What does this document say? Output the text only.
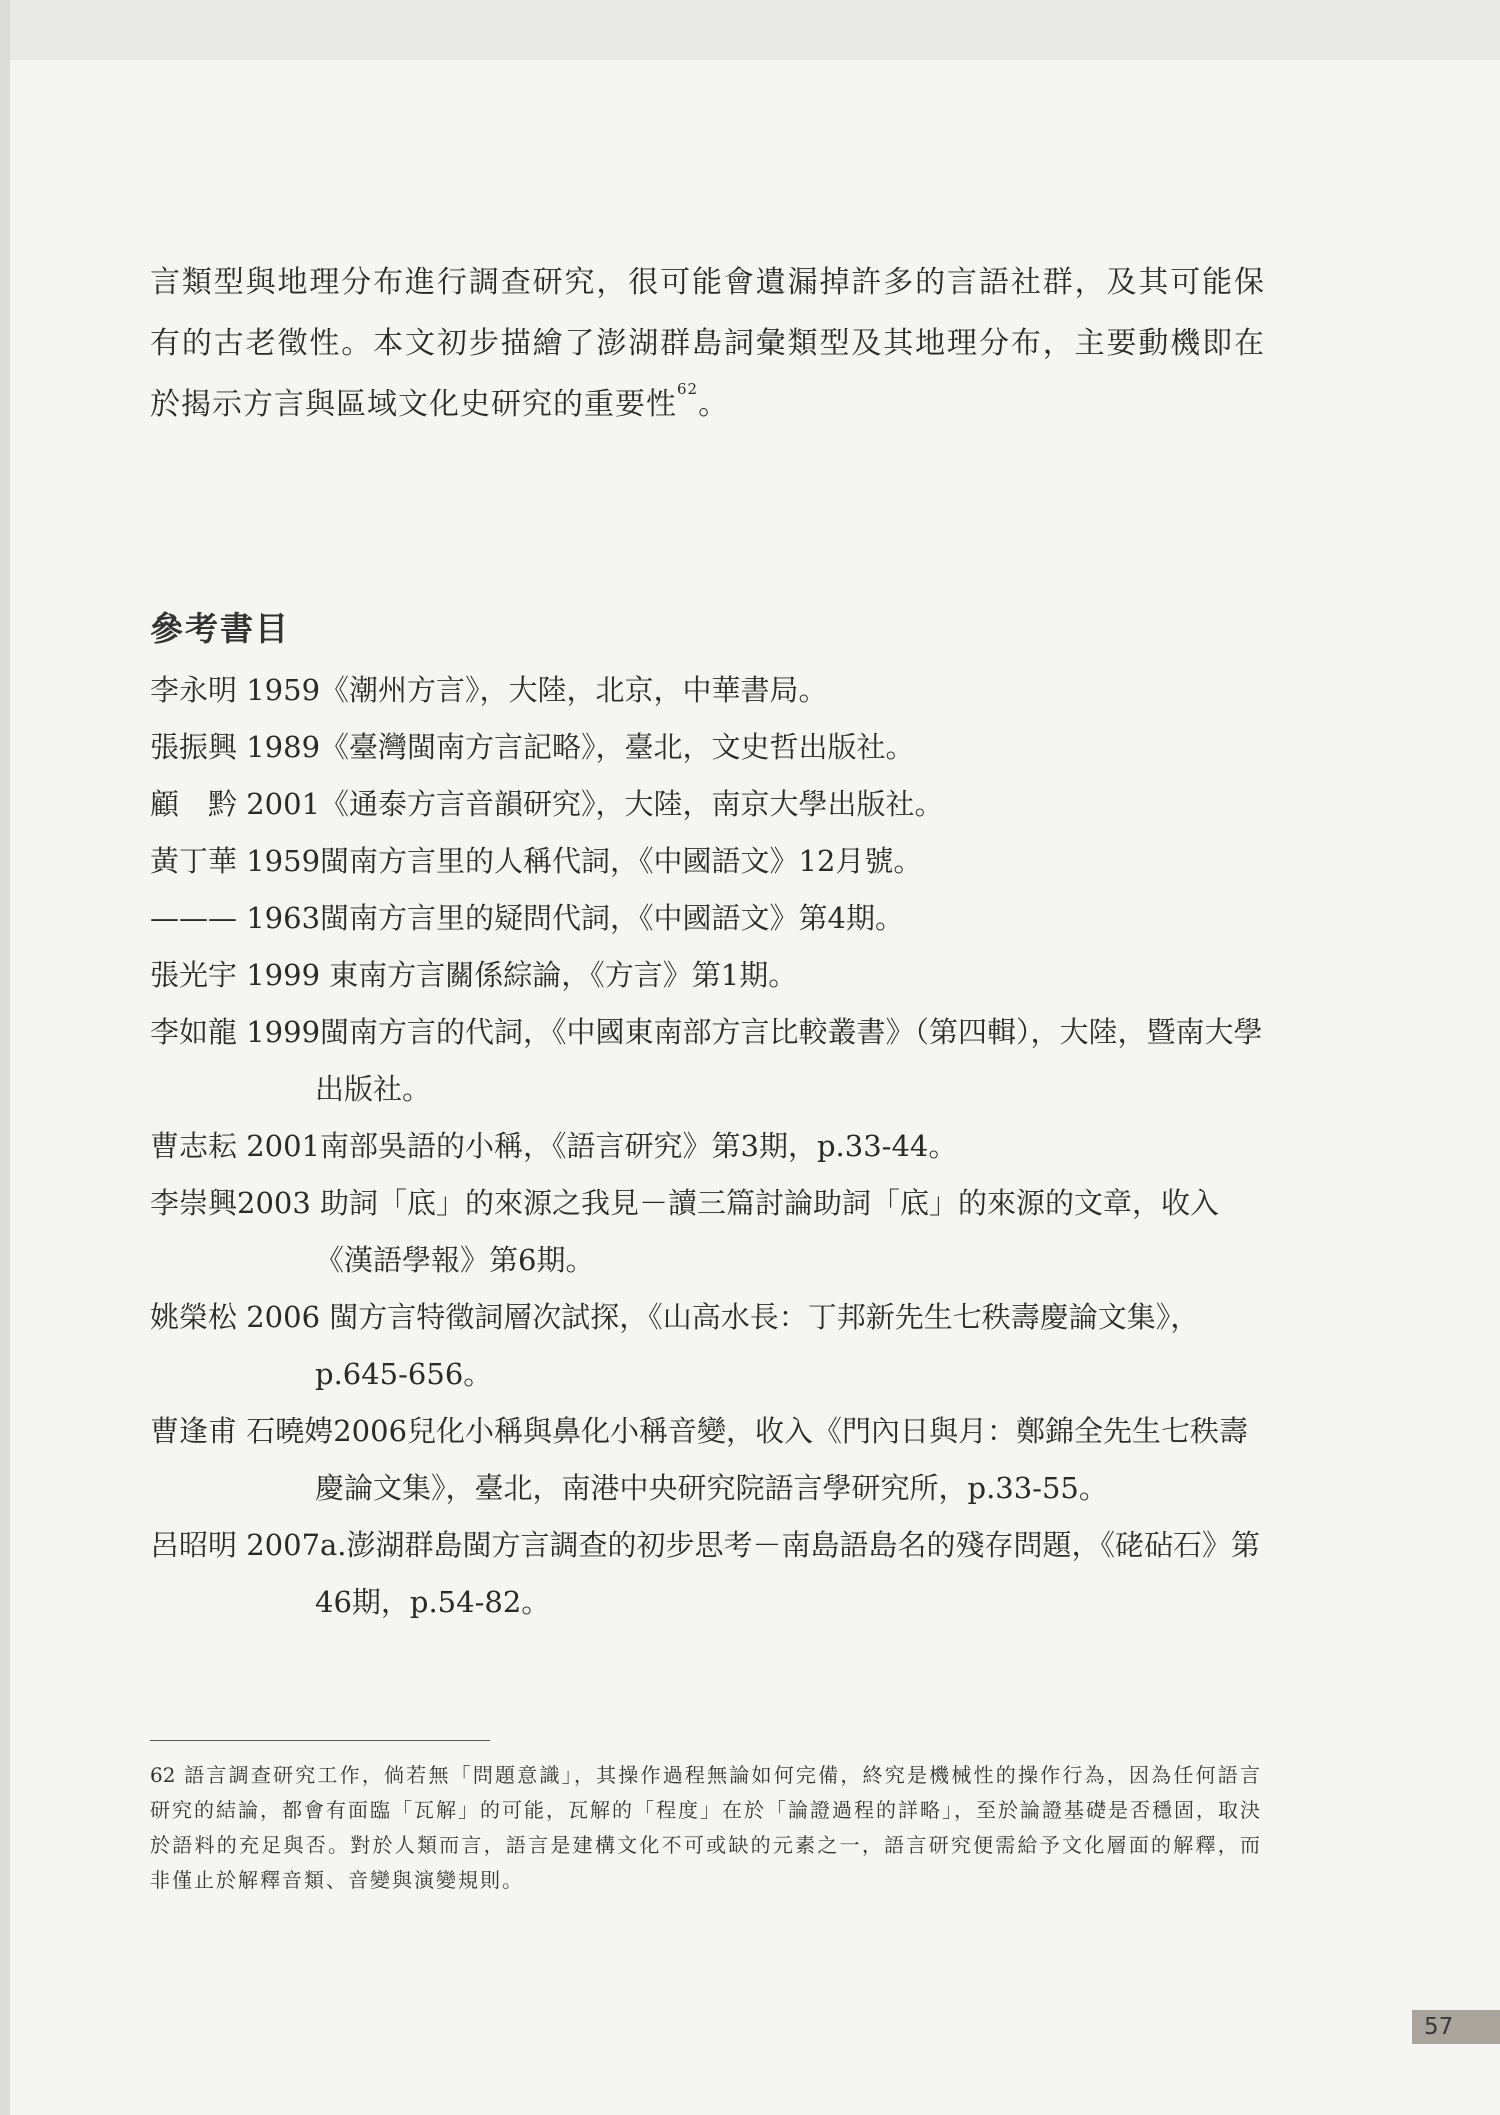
言類型與地理分布進行調查研究，很可能會遺漏掉許多的言語社群，及其可能保有的古老徵性。本文初步描繪了澎湖群島詞彙類型及其地理分布，主要動機即在於揭示方言與區域文化史研究的重要性$^{62}$。

參考書目
李永明 1959《潮州方言》，大陸，北京，中華書局。
張振興 1989《臺灣閩南方言記略》，臺北，文史哲出版社。
顧　黔 2001《通泰方言音韻研究》，大陸，南京大學出版社。
黃丁華 1959閩南方言里的人稱代詞，《中國語文》12月號。
——— 1963閩南方言里的疑問代詞，《中國語文》第4期。
張光宇 1999 東南方言關係綜論，《方言》第1期。
李如龍 1999閩南方言的代詞，《中國東南部方言比較叢書》（第四輯），大陸，暨南大學出版社。
曹志耘 2001南部吳語的小稱，《語言研究》第3期，p.33-44。
李崇興2003 助詞「底」的來源之我見－讀三篇討論助詞「底」的來源的文章，收入《漢語學報》第6期。
姚榮松 2006 閩方言特徵詞層次試探，《山高水長：丁邦新先生七秩壽慶論文集》，p.645-656。
曹逢甫 石曉娉2006兒化小稱與鼻化小稱音變，收入《門內日與月：鄭錦全先生七秩壽慶論文集》，臺北，南港中央研究院語言學研究所，p.33-55。
呂昭明 2007a.澎湖群島閩方言調查的初步思考－南島語島名的殘存問題，《硓砧石》第46期，p.54-82。

62 語言調查研究工作，倘若無「問題意識」，其操作過程無論如何完備，終究是機械性的操作行為，因為任何語言研究的結論，都會有面臨「瓦解」的可能，瓦解的「程度」在於「論證過程的詳略」，至於論證基礎是否穩固，取決於語料的充足與否。對於人類而言，語言是建構文化不可或缺的元素之一，語言研究便需給予文化層面的解釋，而非僅止於解釋音類、音變與演變規則。

57
